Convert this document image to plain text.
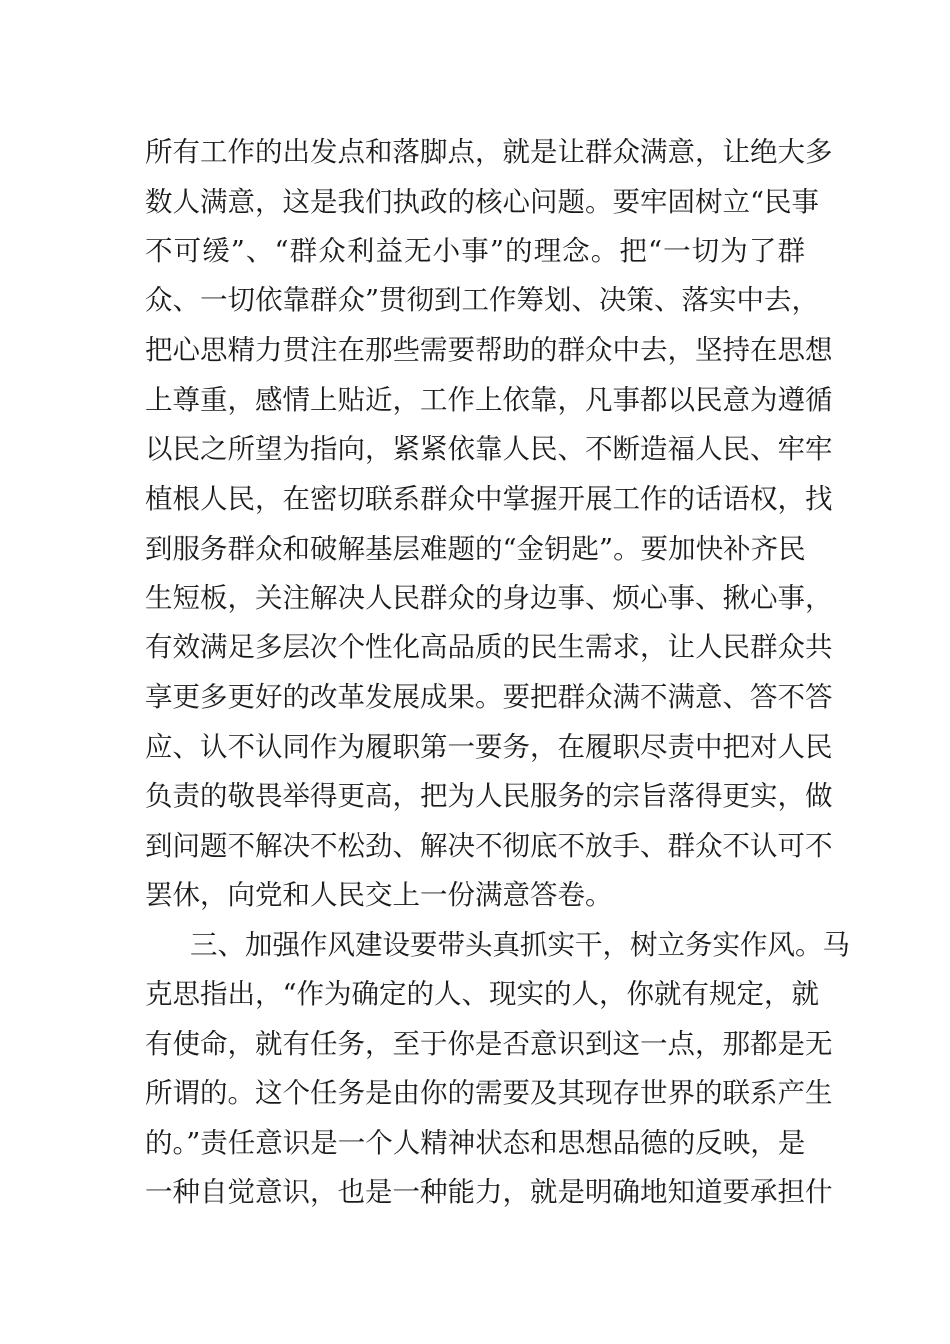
所有工作的出发点和落脚点，就是让群众满意，让绝大多
数人满意，这是我们执政的核心问题。要牢固树立“民事
不可缓”、“群众利益无小事”的理念。把“一切为了群
众、一切依靠群众”贯彻到工作筹划、决策、落实中去，
把心思精力贯注在那些需要帮助的群众中去，坚持在思想
上尊重，感情上贴近，工作上依靠，凡事都以民意为遵循
以民之所望为指向，紧紧依靠人民、不断造福人民、牢牢
植根人民，在密切联系群众中掌握开展工作的话语权，找
到服务群众和破解基层难题的“金钥匙”。要加快补齐民
生短板，关注解决人民群众的身边事、烦心事、揪心事，
有效满足多层次个性化高品质的民生需求，让人民群众共
享更多更好的改革发展成果。要把群众满不满意、答不答
应、认不认同作为履职第一要务，在履职尽责中把对人民
负责的敬畏举得更高，把为人民服务的宗旨落得更实，做
到问题不解决不松劲、解决不彻底不放手、群众不认可不
罢休，向党和人民交上一份满意答卷。
三、加强作风建设要带头真抓实干，树立务实作风。马
克思指出，“作为确定的人、现实的人，你就有规定，就
有使命，就有任务，至于你是否意识到这一点，那都是无
所谓的。这个任务是由你的需要及其现存世界的联系产生
的。”责任意识是一个人精神状态和思想品德的反映，是
一种自觉意识，也是一种能力，就是明确地知道要承担什
